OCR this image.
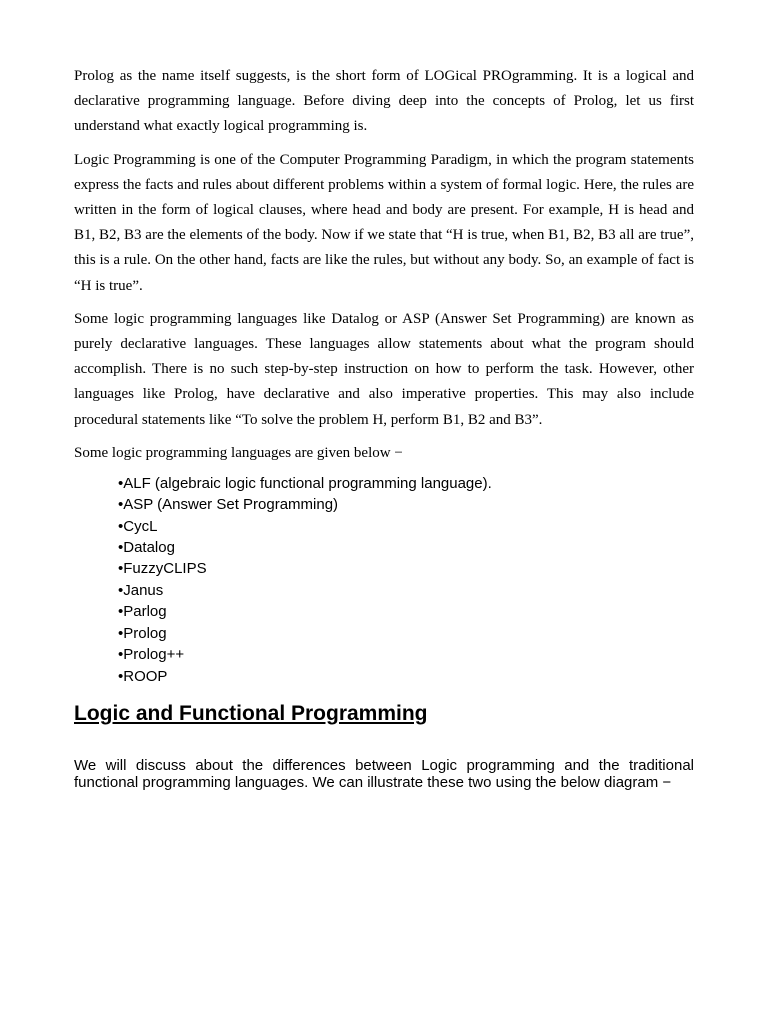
Prolog as the name itself suggests, is the short form of LOGical PROgramming. It is a logical and declarative programming language. Before diving deep into the concepts of Prolog, let us first understand what exactly logical programming is.

Logic Programming is one of the Computer Programming Paradigm, in which the program statements express the facts and rules about different problems within a system of formal logic. Here, the rules are written in the form of logical clauses, where head and body are present. For example, H is head and B1, B2, B3 are the elements of the body. Now if we state that “H is true, when B1, B2, B3 all are true”, this is a rule. On the other hand, facts are like the rules, but without any body. So, an example of fact is “H is true”.

Some logic programming languages like Datalog or ASP (Answer Set Programming) are known as purely declarative languages. These languages allow statements about what the program should accomplish. There is no such step-by-step instruction on how to perform the task. However, other languages like Prolog, have declarative and also imperative properties. This may also include procedural statements like “To solve the problem H, perform B1, B2 and B3”.

Some logic programming languages are given below −

•ALF (algebraic logic functional programming language).
•ASP (Answer Set Programming)
•CycL
•Datalog
•FuzzyCLIPS
•Janus
•Parlog
•Prolog
•Prolog++
•ROOP
Logic and Functional Programming

We will discuss about the differences between Logic programming and the traditional functional programming languages. We can illustrate these two using the below diagram −
